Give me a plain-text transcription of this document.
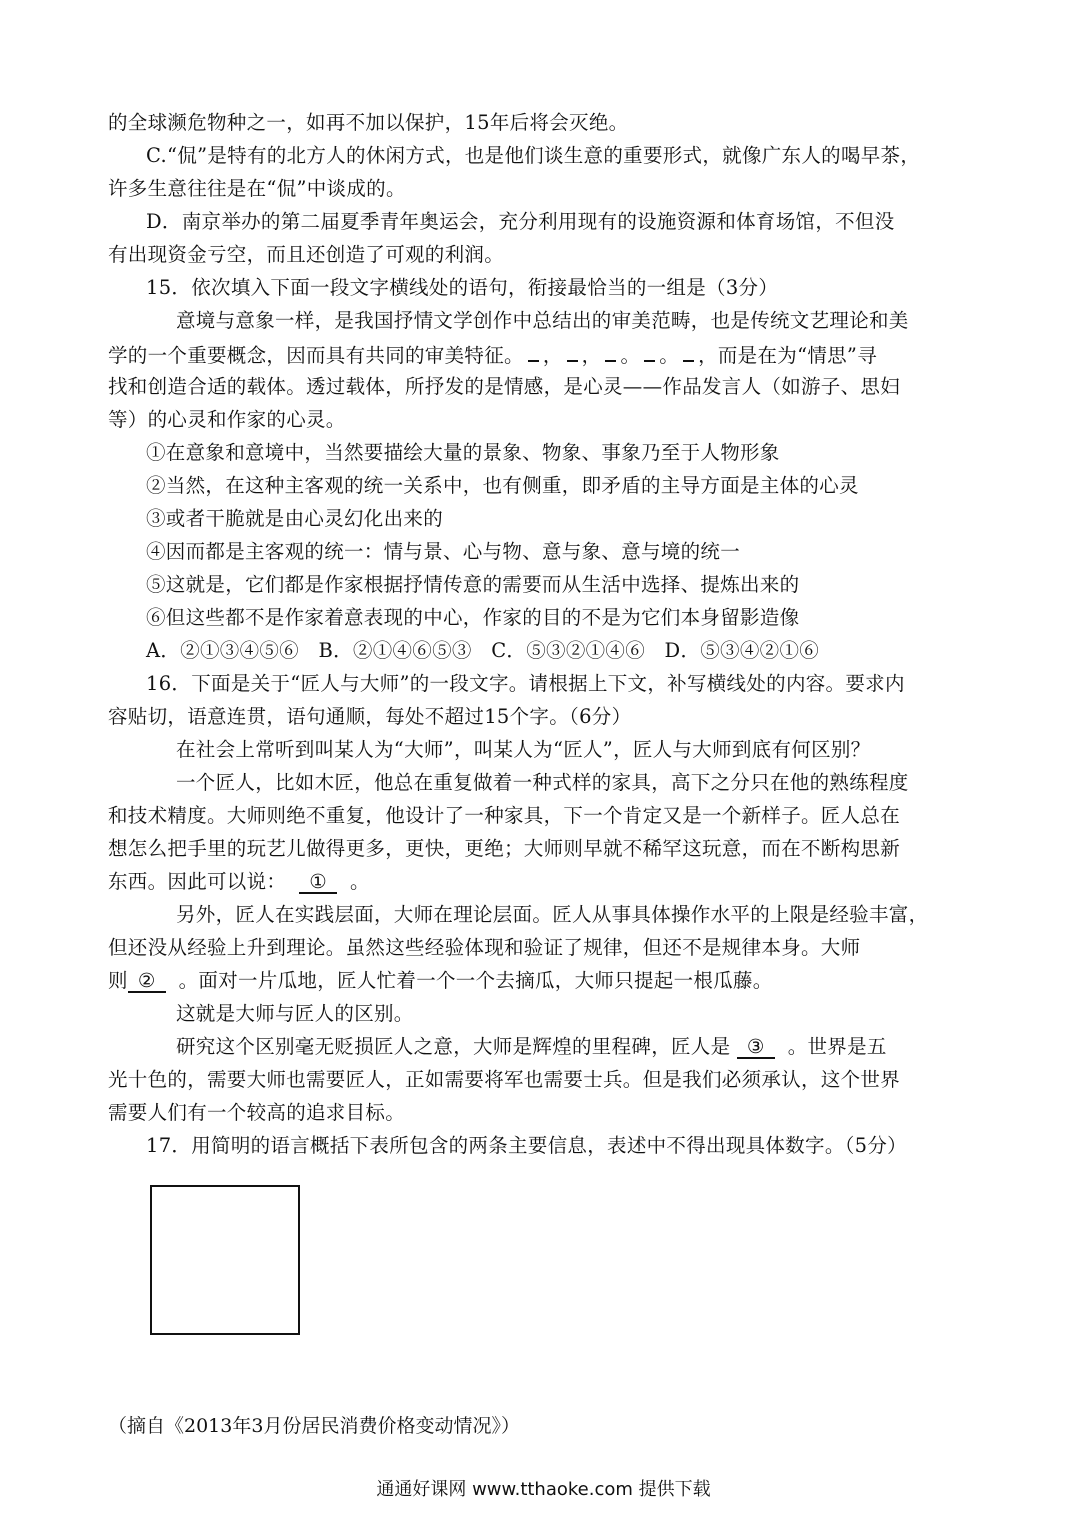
的全球濒危物种之一，如再不加以保护，15年后将会灭绝。
C.“侃”是特有的北方人的休闲方式，也是他们谈生意的重要形式，就像广东人的喝早茶，
许多生意往往是在“侃”中谈成的。
D．南京举办的第二届夏季青年奥运会，充分利用现有的设施资源和体育场馆，不但没
有出现资金亏空，而且还创造了可观的利润。
15．依次填入下面一段文字横线处的语句，衔接最恰当的一组是（3分）
意境与意象一样，是我国抒情文学创作中总结出的审美范畴，也是传统文艺理论和美
学的一个重要概念，因而具有共同的审美特征。 ， ， 。 。 ，而是在为“情思”寻
找和创造合适的载体。透过载体，所抒发的是情感，是心灵——作品发言人（如游子、思妇
等）的心灵和作家的心灵。
①在意象和意境中，当然要描绘大量的景象、物象、事象乃至于人物形象
②当然，在这种主客观的统一关系中，也有侧重，即矛盾的主导方面是主体的心灵
③或者干脆就是由心灵幻化出来的
④因而都是主客观的统一：情与景、心与物、意与象、意与境的统一
⑤这就是，它们都是作家根据抒情传意的需要而从生活中选择、提炼出来的
⑥但这些都不是作家着意表现的中心，作家的目的不是为它们本身留影造像
A．②①③④⑤⑥   B．②①④⑥⑤③   C．⑤③②①④⑥   D．⑤③④②①⑥
16．下面是关于“匠人与大师”的一段文字。请根据上下文，补写横线处的内容。要求内
容贴切，语意连贯，语句通顺，每处不超过15个字。（6分）
在社会上常听到叫某人为“大师”，叫某人为“匠人”，匠人与大师到底有何区别？
一个匠人，比如木匠，他总在重复做着一种式样的家具，高下之分只在他的熟练程度
和技术精度。大师则绝不重复，他设计了一种家具，下一个肯定又是一个新样子。匠人总在
想怎么把手里的玩艺儿做得更多，更快，更绝；大师则早就不稀罕这玩意，而在不断构思新
东西。因此可以说： ① 。
另外，匠人在实践层面，大师在理论层面。匠人从事具体操作水平的上限是经验丰富，
但还没从经验上升到理论。虽然这些经验体现和验证了规律，但还不是规律本身。大师
则 ② 。面对一片瓜地，匠人忙着一个一个去摘瓜，大师只提起一根瓜藤。
这就是大师与匠人的区别。
研究这个区别毫无贬损匠人之意，大师是辉煌的里程碑，匠人是 ③ 。世界是五
光十色的，需要大师也需要匠人，正如需要将军也需要士兵。但是我们必须承认，这个世界
需要人们有一个较高的追求目标。
17．用简明的语言概括下表所包含的两条主要信息，表述中不得出现具体数字。（5分）
（摘自《2013年3月份居民消费价格变动情况》）
通通好课网 www.tthaoke.com 提供下载
